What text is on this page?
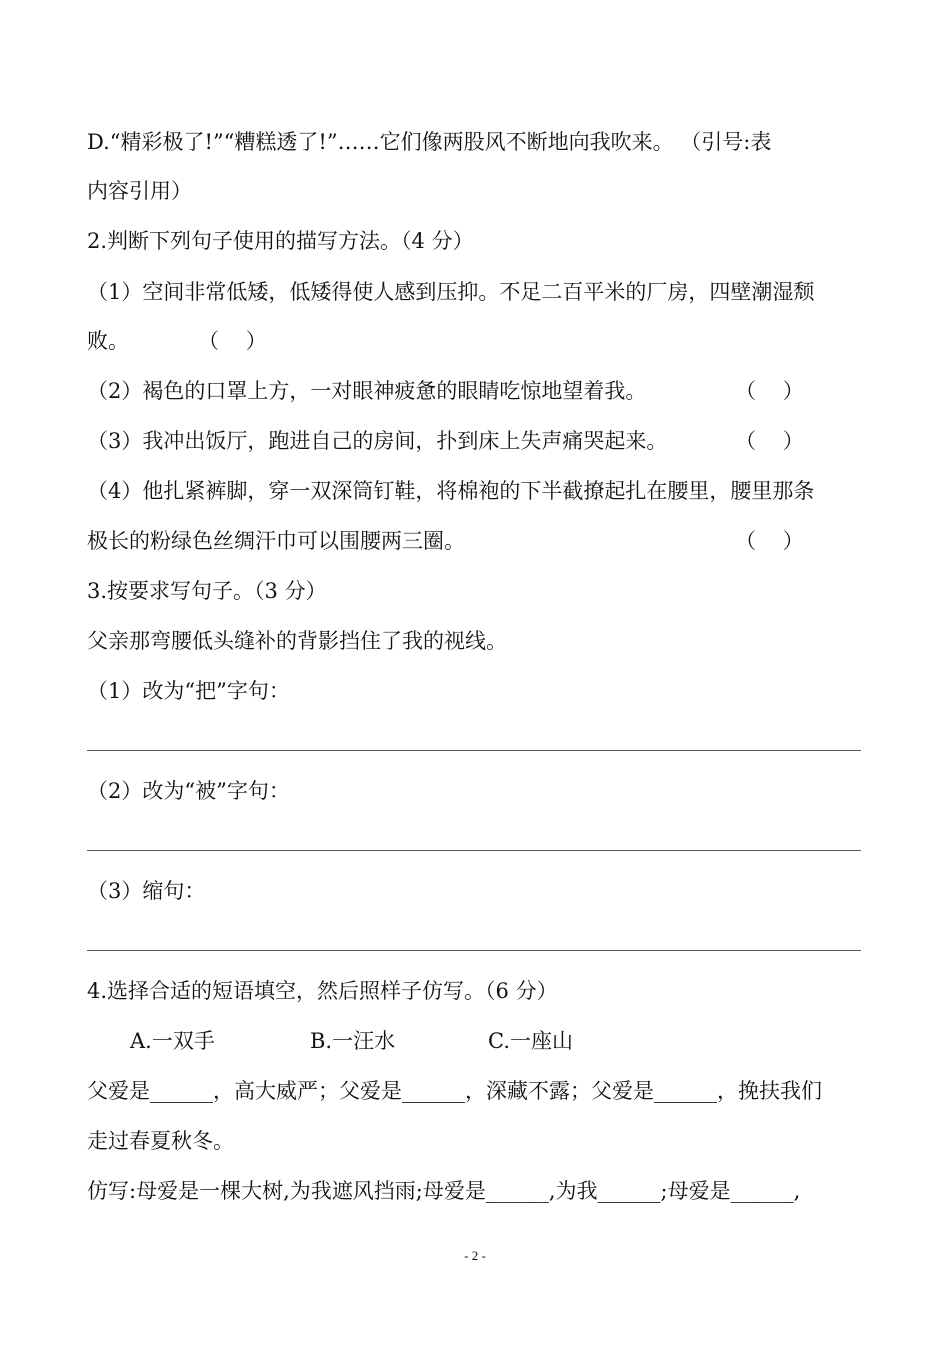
D.“精彩极了!”“糟糕透了!”……它们像两股风不断地向我吹来。 （引号:表
内容引用）
2.判断下列句子使用的描写方法。（4 分）
（1）空间非常低矮，低矮得使人感到压抑。不足二百平米的厂房，四壁潮湿颓
败。	（    ）
（2）褐色的口罩上方，一对眼神疲惫的眼睛吃惊地望着我。	（    ）
（3）我冲出饭厅，跑进自己的房间，扑到床上失声痛哭起来。	（    ）
（4）他扎紧裤脚，穿一双深筒钉鞋，将棉袍的下半截撩起扎在腰里，腰里那条
极长的粉绿色丝绸汗巾可以围腰两三圈。	（    ）
3.按要求写句子。（3 分）
父亲那弯腰低头缝补的背影挡住了我的视线。
（1）改为“把”字句：
（2）改为“被”字句：
（3）缩句：
4.选择合适的短语填空，然后照样子仿写。（6 分）
A.一双手	B.一汪水	C.一座山
父爱是______，高大威严；父爱是______，深藏不露；父爱是______，挽扶我们
走过春夏秋冬。
仿写:母爱是一棵大树,为我遮风挡雨;母爱是______,为我______;母爱是______,
- 2 -
